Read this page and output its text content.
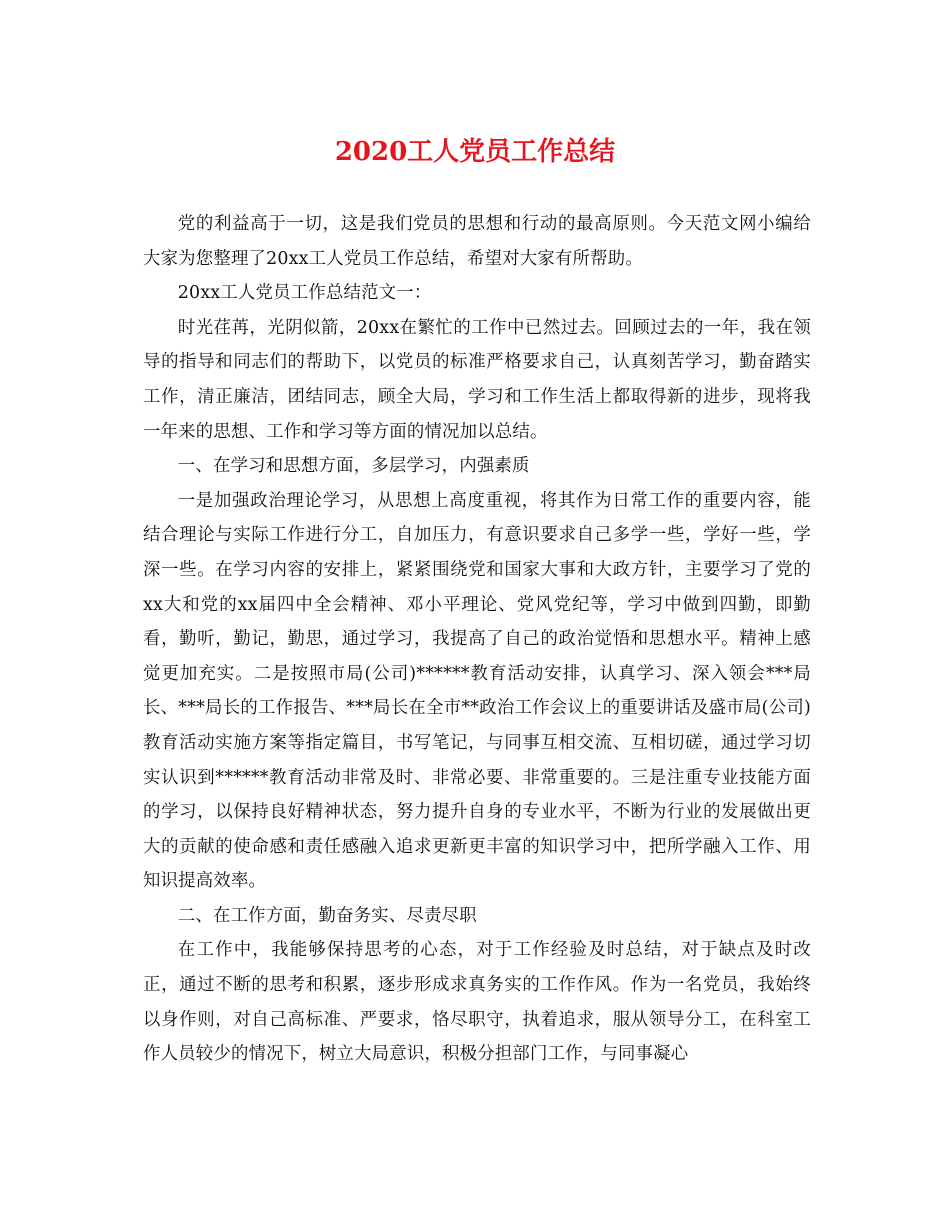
2020工人党员工作总结

党的利益高于一切，这是我们党员的思想和行动的最高原则。今天范文网小编给大家为您整理了20xx工人党员工作总结，希望对大家有所帮助。

20xx工人党员工作总结范文一：

时光荏苒，光阴似箭，20xx在繁忙的工作中已然过去。回顾过去的一年，我在领导的指导和同志们的帮助下，以党员的标准严格要求自己，认真刻苦学习，勤奋踏实工作，清正廉洁，团结同志，顾全大局，学习和工作生活上都取得新的进步，现将我一年来的思想、工作和学习等方面的情况加以总结。

一、在学习和思想方面，多层学习，内强素质

一是加强政治理论学习，从思想上高度重视，将其作为日常工作的重要内容，能结合理论与实际工作进行分工，自加压力，有意识要求自己多学一些，学好一些，学深一些。在学习内容的安排上，紧紧围绕党和国家大事和大政方针，主要学习了党的xx大和党的xx届四中全会精神、邓小平理论、党风党纪等，学习中做到四勤，即勤看，勤听，勤记，勤思，通过学习，我提高了自己的政治觉悟和思想水平。精神上感觉更加充实。二是按照市局(公司)******教育活动安排，认真学习、深入领会***局长、***局长的工作报告、***局长在全市**政治工作会议上的重要讲话及盛市局(公司)教育活动实施方案等指定篇目，书写笔记，与同事互相交流、互相切磋，通过学习切实认识到******教育活动非常及时、非常必要、非常重要的。三是注重专业技能方面的学习，以保持良好精神状态，努力提升自身的专业水平，不断为行业的发展做出更大的贡献的使命感和责任感融入追求更新更丰富的知识学习中，把所学融入工作、用知识提高效率。

二、在工作方面，勤奋务实、尽责尽职

在工作中，我能够保持思考的心态，对于工作经验及时总结，对于缺点及时改正，通过不断的思考和积累，逐步形成求真务实的工作作风。作为一名党员，我始终以身作则，对自己高标准、严要求，恪尽职守，执着追求，服从领导分工，在科室工作人员较少的情况下，树立大局意识，积极分担部门工作，与同事凝心
